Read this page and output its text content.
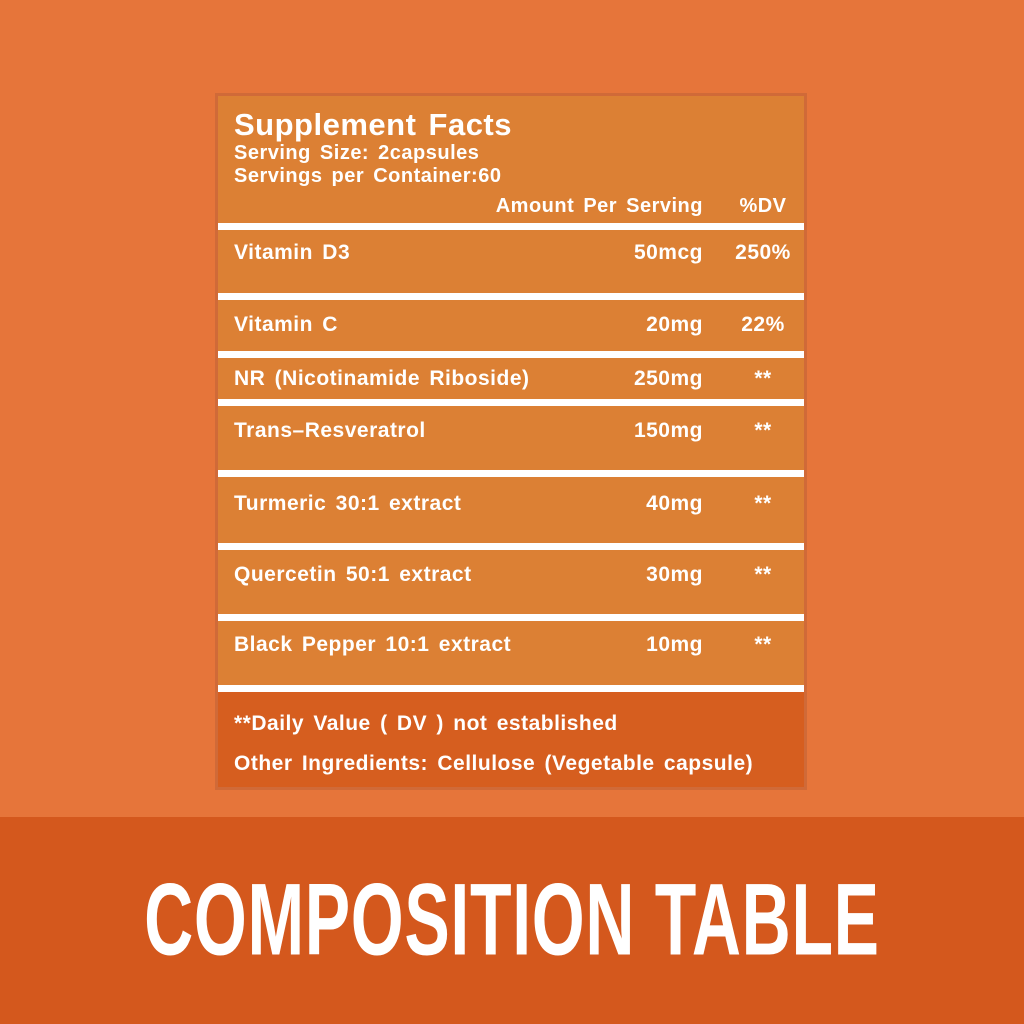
Supplement Facts
Serving Size: 2capsules
Servings per Container:60
Amount Per Serving	%DV
Vitamin D3	50mcg 250%
Vitamin C	20mg	22%
NR (Nicotinamide Riboside)	250mg	**
Trans–Resveratrol	150mg	**
Turmeric 30:1 extract	40mg	**
Quercetin 50:1 extract	30mg	**
Black Pepper 10:1 extract	10mg	**
**Daily Value ( DV ) not established
Other Ingredients: Cellulose (Vegetable capsule)
COMPOSITION TABLE
